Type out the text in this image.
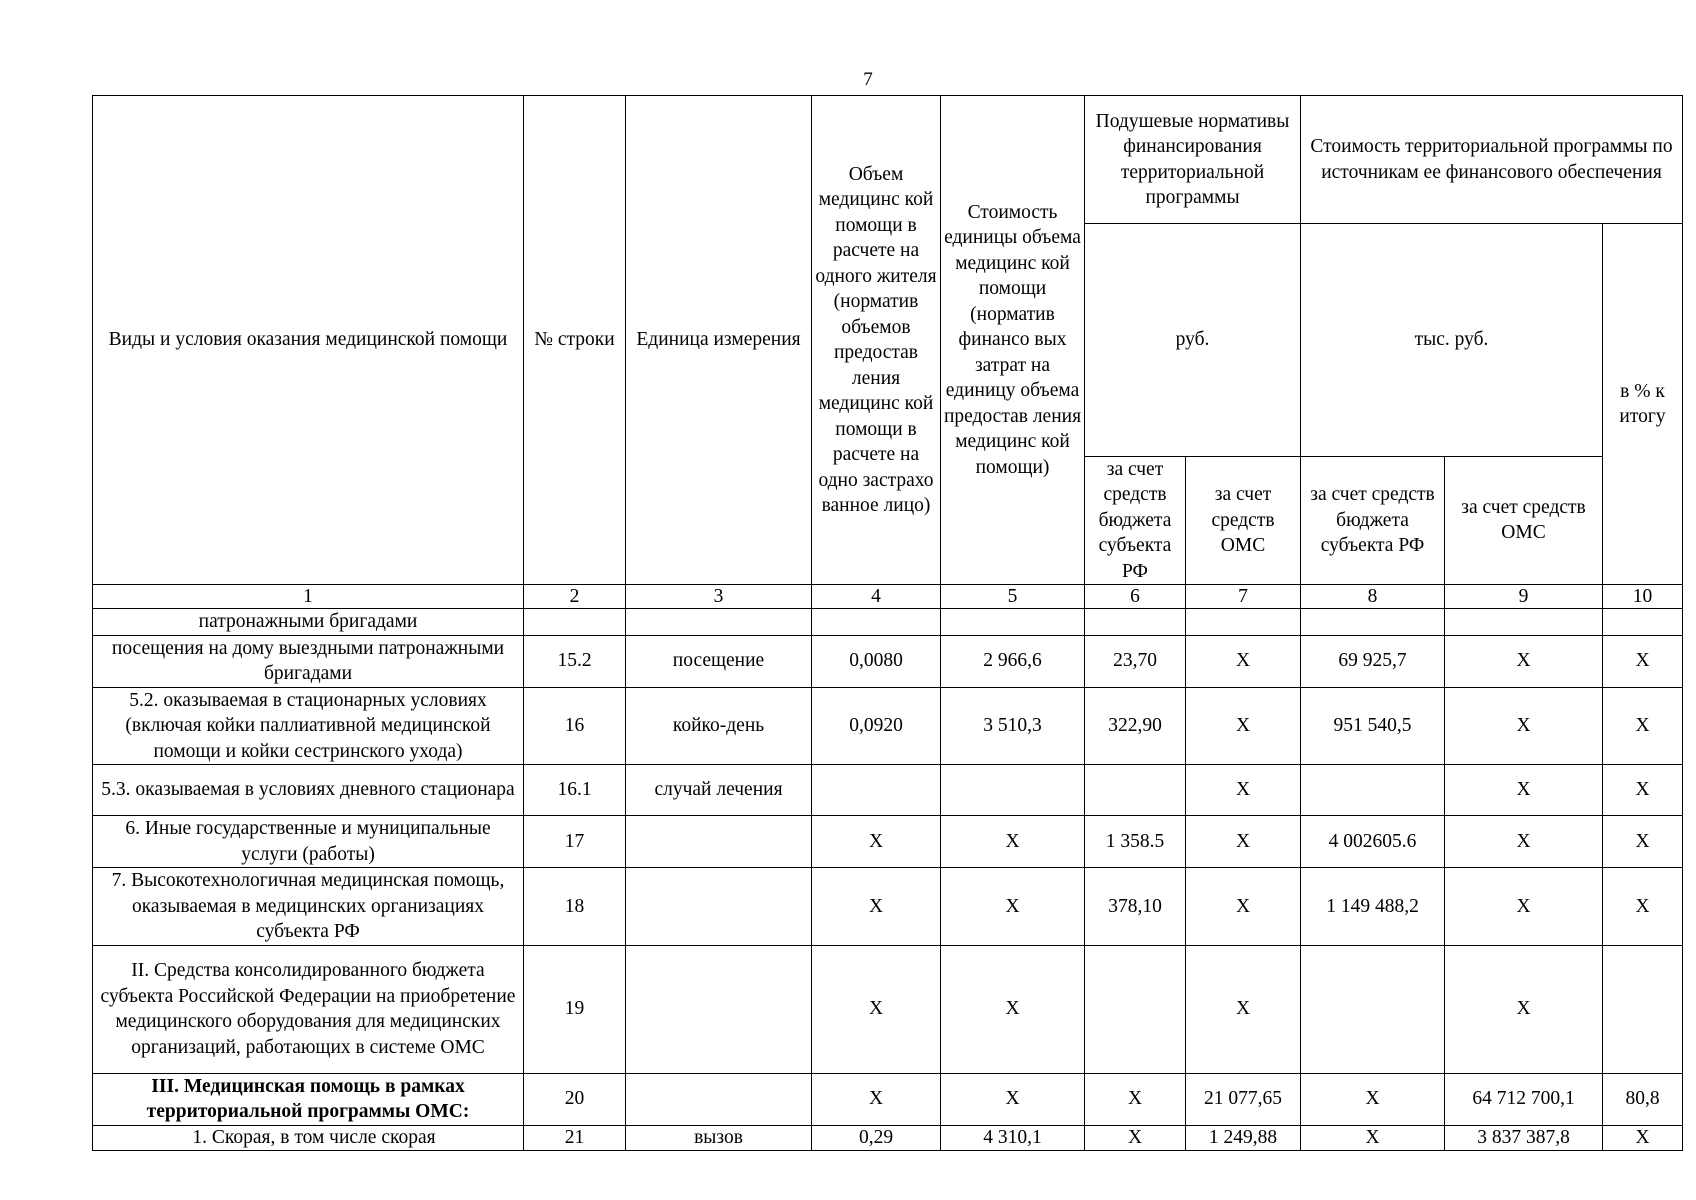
7
Виды и условия оказания медицинской помощи	№ строки	Единица измерения	Объем медицинс кой помощи в расчете на одного жителя (норматив объемов предостав ления медицинс кой помощи в расчете на одно застрахо ванное лицо)	Стоимость единицы объема медицинс кой помощи (норматив финансо вых затрат на единицу объема предостав ления медицинс кой помощи)	Подушевые нормативы финансирования территориальной программы		Стоимость территориальной программы по источникам ее финансового обеспечения		
					руб.		тыс. руб.		в % к итогу
					за счет средств бюджета субъекта РФ	за счет средств ОМС	за счет средств бюджета субъекта РФ	за счет средств ОМС	
1	2	3	4	5	6	7	8	9	10
патронажными бригадами									
посещения на дому выездными патронажными бригадами	15.2	посещение	0,0080	2 966,6	23,70	Х	69 925,7	Х	Х
5.2. оказываемая в стационарных условиях (включая койки паллиативной медицинской помощи и койки сестринского ухода)	16	койко-день	0,0920	3 510,3	322,90	Х	951 540,5	Х	Х
5.3. оказываемая в условиях дневного стационара	16.1	случай лечения				Х		Х	Х
6. Иные государственные и муниципальные услуги (работы)	17		Х	Х	1 358.5	Х	4 002605.6	Х	Х
7. Высокотехнологичная медицинская помощь, оказываемая в медицинских организациях субъекта РФ	18		Х	Х	378,10	Х	1 149 488,2	Х	Х
II. Средства консолидированного бюджета субъекта Российской Федерации на приобретение медицинского оборудования для медицинских организаций, работающих в системе ОМС	19		Х	Х		Х		Х	
III. Медицинская помощь в рамках территориальной программы ОМС:	20		Х	Х	Х	21 077,65	Х	64 712 700,1	80,8
1. Скорая, в том числе скорая	21	вызов	0,29	4 310,1	Х	1 249,88	Х	3 837 387,8	Х
